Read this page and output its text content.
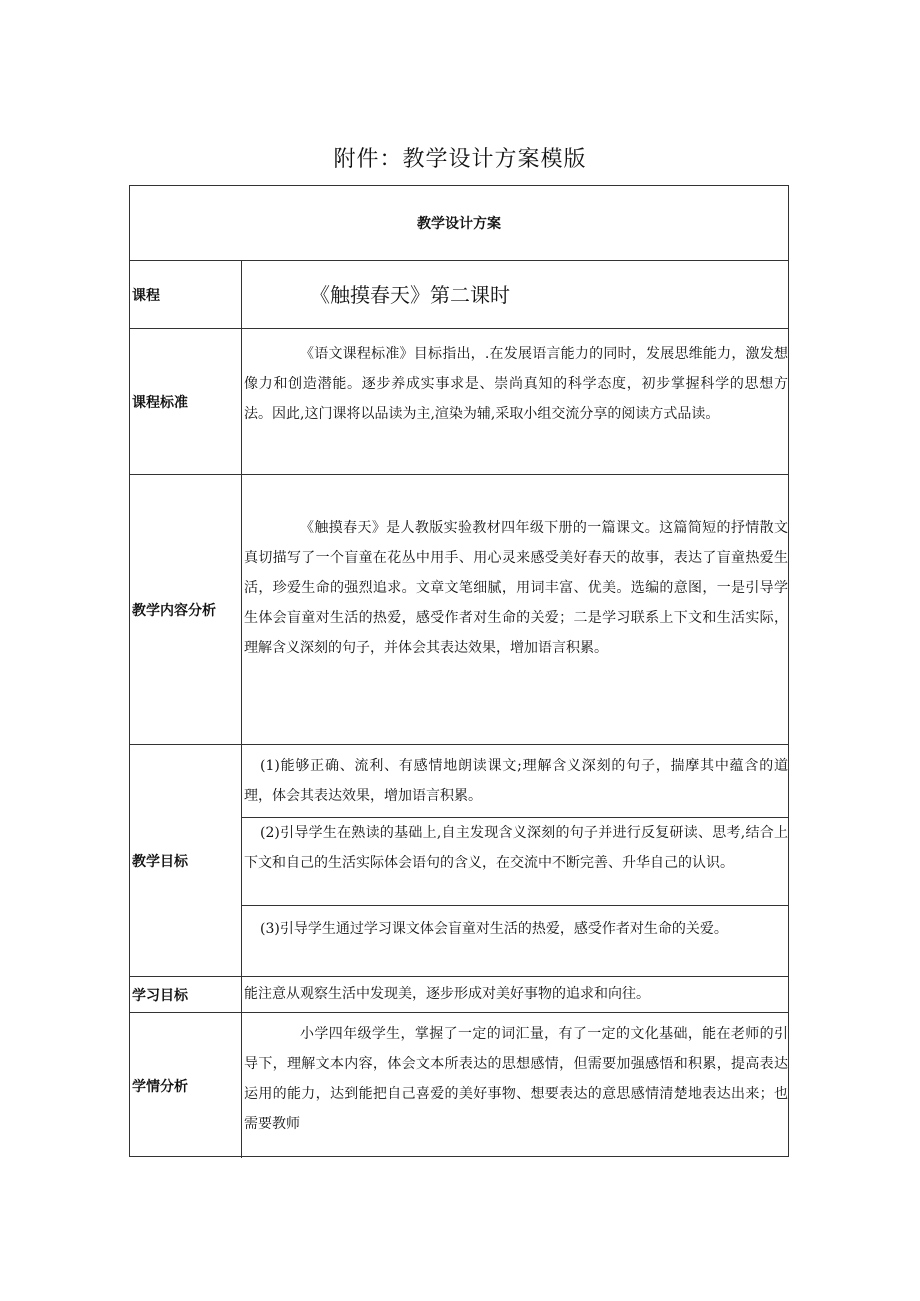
附件：教学设计方案模版
教学设计方案
课程	《触摸春天》第二课时
课程标准

《语文课程标准》目标指出，.在发展语言能力的同时，发展思维能力，激发想像力和创造潜能。逐步养成实事求是、崇尚真知的科学态度，初步掌握科学的思想方法。因此,这门课将以品读为主,渲染为辅,采取小组交流分享的阅读方式品读。

教学内容分析

《触摸春天》是人教版实验教材四年级下册的一篇课文。这篇简短的抒情散文真切描写了一个盲童在花丛中用手、用心灵来感受美好春天的故事，表达了盲童热爱生活，珍爱生命的强烈追求。文章文笔细腻，用词丰富、优美。选编的意图，一是引导学生体会盲童对生活的热爱，感受作者对生命的关爱；二是学习联系上下文和生活实际，理解含义深刻的句子，并体会其表达效果，增加语言积累。

教学目标

(1)能够正确、流利、有感情地朗读课文;理解含义深刻的句子，揣摩其中蕴含的道理，体会其表达效果，增加语言积累。

(2)引导学生在熟读的基础上,自主发现含义深刻的句子并进行反复研读、思考,结合上下文和自己的生活实际体会语句的含义，在交流中不断完善、升华自己的认识。

(3)引导学生通过学习课文体会盲童对生活的热爱，感受作者对生命的关爱。

学习目标	能注意从观察生活中发现美，逐步形成对美好事物的追求和向往。

学情分析

小学四年级学生，掌握了一定的词汇量，有了一定的文化基础，能在老师的引导下，理解文本内容，体会文本所表达的思想感情，但需要加强感悟和积累，提高表达运用的能力，达到能把自己喜爱的美好事物、想要表达的意思感情清楚地表达出来；也需要教师
